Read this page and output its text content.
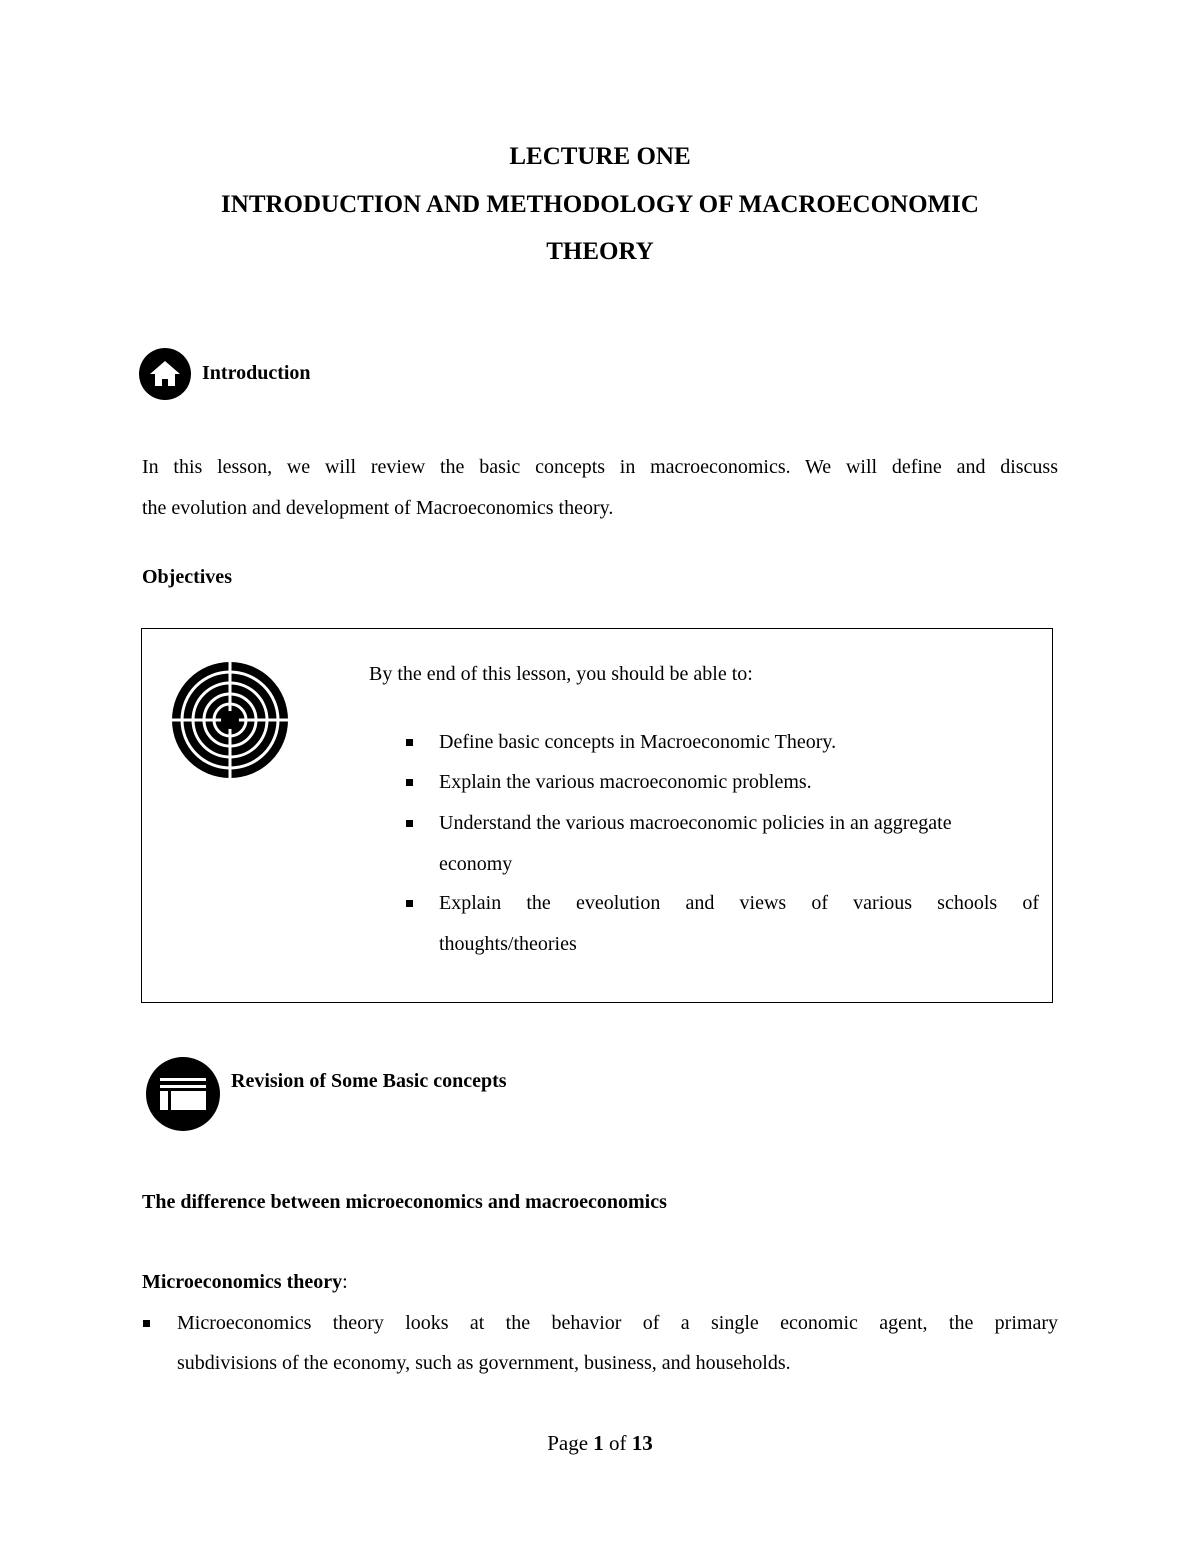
LECTURE ONE
INTRODUCTION AND METHODOLOGY OF MACROECONOMIC
THEORY
Introduction
In this lesson, we will review the basic concepts in macroeconomics. We will define and discuss
the evolution and development of Macroeconomics theory.
Objectives
By the end of this lesson, you should be able to:
Define basic concepts in Macroeconomic Theory.
Explain the various macroeconomic problems.
Understand the various macroeconomic policies in an aggregate
economy
Explain the eveolution and views of various schools of
thoughts/theories
Revision of Some Basic concepts
The difference between microeconomics and macroeconomics
Microeconomics theory:
Microeconomics theory looks at the behavior of a single economic agent, the primary
subdivisions of the economy, such as government, business, and households.
Page 1 of 13
